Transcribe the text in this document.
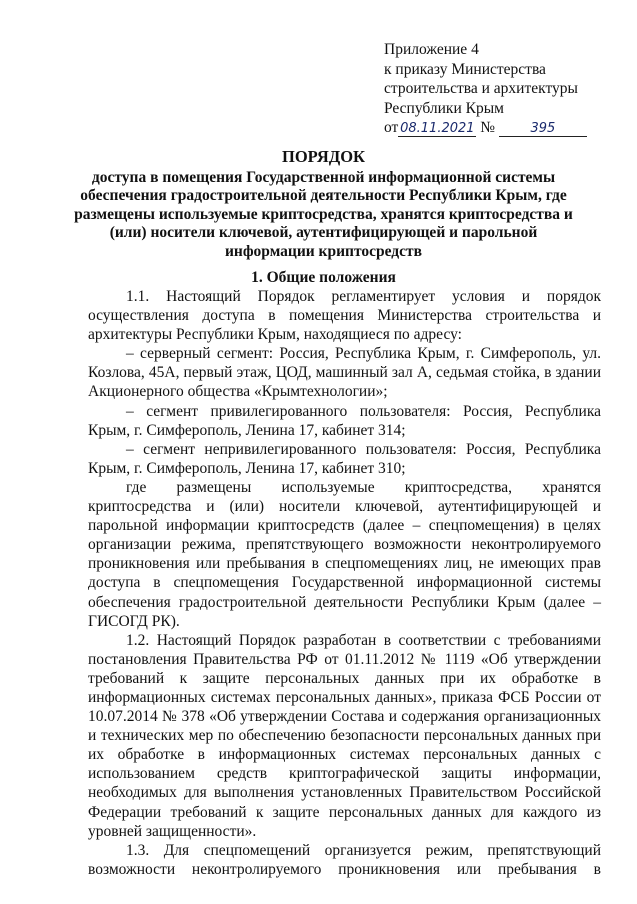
Приложение 4
к приказу Министерства
строительства и архитектуры
Республики Крым
от 08.11.2021 №	395
ПОРЯДОК
доступа в помещения Государственной информационной системы
обеспечения градостроительной деятельности Республики Крым, где
размещены используемые криптосредства, хранятся криптосредства и
(или) носители ключевой, аутентифицирующей и парольной
информации криптосредств
1. Общие положения

1.1. Настоящий Порядок регламентирует условия и порядок осуществления доступа в помещения Министерства строительства и архитектуры Республики Крым, находящиеся по адресу:

– серверный сегмент: Россия, Республика Крым, г. Симферополь, ул. Козлова, 45А, первый этаж, ЦОД, машинный зал А, седьмая стойка, в здании Акционерного общества «Крымтехнологии»;

– сегмент привилегированного пользователя: Россия, Республика Крым, г. Симферополь, Ленина 17, кабинет 314;

– сегмент непривилегированного пользователя: Россия, Республика Крым, г. Симферополь, Ленина 17, кабинет 310;

где размещены используемые криптосредства, хранятся криптосредства и (или) носители ключевой, аутентифицирующей и парольной информации криптосредств (далее – спецпомещения) в целях организации режима, препятствующего возможности неконтролируемого проникновения или пребывания в спецпомещениях лиц, не имеющих прав доступа в спецпомещения Государственной информационной системы обеспечения градостроительной деятельности Республики Крым (далее – ГИСОГД РК).

1.2. Настоящий Порядок разработан в соответствии с требованиями постановления Правительства РФ от 01.11.2012 № 1119 «Об утверждении требований к защите персональных данных при их обработке в информационных системах персональных данных», приказа ФСБ России от 10.07.2014 № 378 «Об утверждении Состава и содержания организационных и технических мер по обеспечению безопасности персональных данных при их обработке в информационных системах персональных данных с использованием средств криптографической защиты информации, необходимых для выполнения установленных Правительством Российской Федерации требований к защите персональных данных для каждого из уровней защищенности».

1.3. Для спецпомещений организуется режим, препятствующий возможности неконтролируемого проникновения или пребывания в
